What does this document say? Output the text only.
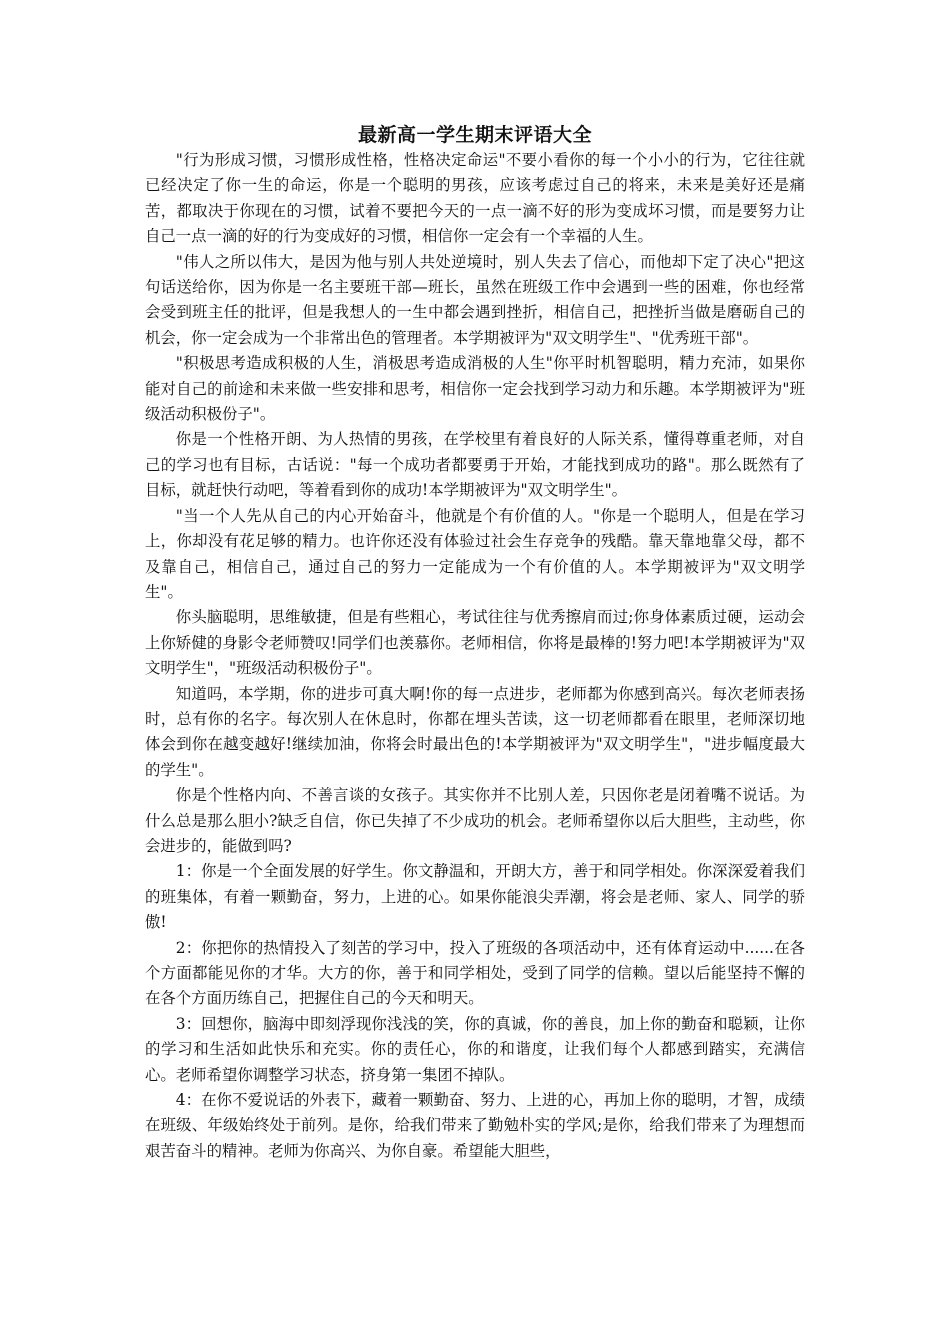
最新高一学生期末评语大全

"行为形成习惯，习惯形成性格，性格决定命运"不要小看你的每一个小小的行为，它往往就已经决定了你一生的命运，你是一个聪明的男孩，应该考虑过自己的将来，未来是美好还是痛苦，都取决于你现在的习惯，试着不要把今天的一点一滴不好的形为变成坏习惯，而是要努力让自己一点一滴的好的行为变成好的习惯，相信你一定会有一个幸福的人生。

"伟人之所以伟大，是因为他与别人共处逆境时，别人失去了信心，而他却下定了决心"把这句话送给你，因为你是一名主要班干部—班长，虽然在班级工作中会遇到一些的困难，你也经常会受到班主任的批评，但是我想人的一生中都会遇到挫折，相信自己，把挫折当做是磨砺自己的机会，你一定会成为一个非常出色的管理者。本学期被评为"双文明学生"、"优秀班干部"。

"积极思考造成积极的人生，消极思考造成消极的人生"你平时机智聪明，精力充沛，如果你能对自己的前途和未来做一些安排和思考，相信你一定会找到学习动力和乐趣。本学期被评为"班级活动积极份子"。

你是一个性格开朗、为人热情的男孩，在学校里有着良好的人际关系，懂得尊重老师，对自己的学习也有目标，古话说："每一个成功者都要勇于开始，才能找到成功的路"。那么既然有了目标，就赶快行动吧，等着看到你的成功!本学期被评为"双文明学生"。

"当一个人先从自己的内心开始奋斗，他就是个有价值的人。"你是一个聪明人，但是在学习上，你却没有花足够的精力。也许你还没有体验过社会生存竞争的残酷。靠天靠地靠父母，都不及靠自己，相信自己，通过自己的努力一定能成为一个有价值的人。本学期被评为"双文明学生"。

你头脑聪明，思维敏捷，但是有些粗心，考试往往与优秀擦肩而过;你身体素质过硬，运动会上你矫健的身影令老师赞叹!同学们也羡慕你。老师相信，你将是最棒的!努力吧!本学期被评为"双文明学生"，"班级活动积极份子"。

知道吗，本学期，你的进步可真大啊!你的每一点进步，老师都为你感到高兴。每次老师表扬时，总有你的名字。每次别人在休息时，你都在埋头苦读，这一切老师都看在眼里，老师深切地体会到你在越变越好!继续加油，你将会时最出色的!本学期被评为"双文明学生"，"进步幅度最大的学生"。

你是个性格内向、不善言谈的女孩子。其实你并不比别人差，只因你老是闭着嘴不说话。为什么总是那么胆小?缺乏自信，你已失掉了不少成功的机会。老师希望你以后大胆些，主动些，你会进步的，能做到吗?

1：你是一个全面发展的好学生。你文静温和，开朗大方，善于和同学相处。你深深爱着我们的班集体，有着一颗勤奋，努力，上进的心。如果你能浪尖弄潮，将会是老师、家人、同学的骄傲!

2：你把你的热情投入了刻苦的学习中，投入了班级的各项活动中，还有体育运动中......在各个方面都能见你的才华。大方的你，善于和同学相处，受到了同学的信赖。望以后能坚持不懈的在各个方面历练自己，把握住自己的今天和明天。

3：回想你，脑海中即刻浮现你浅浅的笑，你的真诚，你的善良，加上你的勤奋和聪颖，让你的学习和生活如此快乐和充实。你的责任心，你的和谐度，让我们每个人都感到踏实，充满信心。老师希望你调整学习状态，挤身第一集团不掉队。

4：在你不爱说话的外表下，藏着一颗勤奋、努力、上进的心，再加上你的聪明，才智，成绩在班级、年级始终处于前列。是你，给我们带来了勤勉朴实的学风;是你，给我们带来了为理想而艰苦奋斗的精神。老师为你高兴、为你自豪。希望能大胆些，
